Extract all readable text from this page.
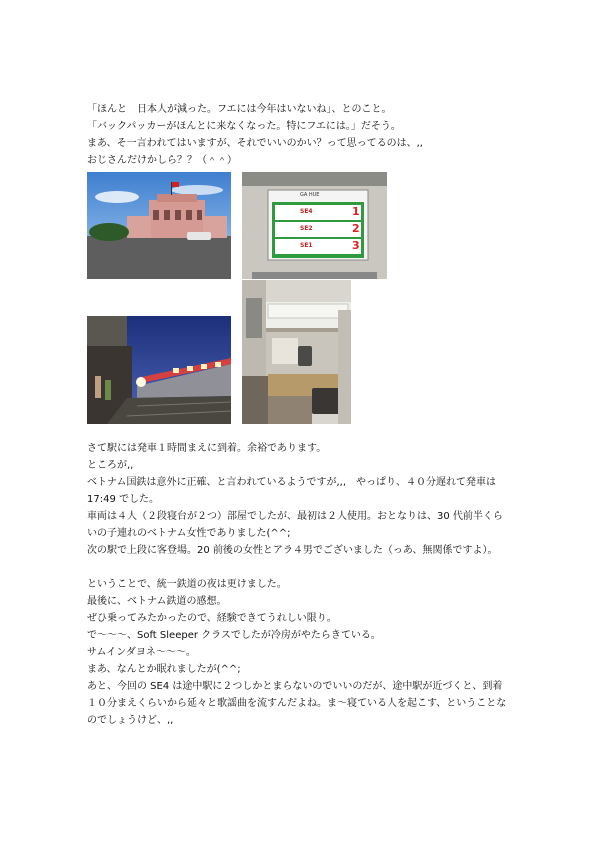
「ほんと　日本人が減った。フエには今年はいないね」、とのこと。
「バックパッカーがほんとに来なくなった。特にフエには。」だそう。
まあ、そ一言われてはいますが、それでいいのかい？って思ってるのは、,,
おじさんだけかしら？？（＾＾）
GA HUE
SE4	1
SE2	2
SE1	3
さて駅には発車１時間まえに到着。余裕であります。
ところが,,
ベトナム国鉄は意外に正確、と言われているようですが,,,　やっぱり、４０分遅れて発車は 17:49 でした。
車両は４人（２段寝台が２つ）部屋でしたが、最初は２人使用。おとなりは、30 代前半くらいの子連れのベトナム女性でありました(^^;
次の駅で上段に客登場。20 前後の女性とアラ４男でございました（っあ、無関係ですよ）。
ということで、統一鉄道の夜は更けました。
最後に、ベトナム鉄道の感想。
ぜひ乗ってみたかったので、経験できてうれしい限り。
で〜〜〜、Soft Sleeper クラスでしたが冷房がやたらきている。
サムインダヨネ〜〜〜。
まあ、なんとか眠れましたが(^^;
あと、今回の SE4 は途中駅に２つしかとまらないのでいいのだが、途中駅が近づくと、到着１０分まえくらいから延々と歌謡曲を流すんだよね。ま〜寝ている人を起こす、ということなのでしょうけど、,,
